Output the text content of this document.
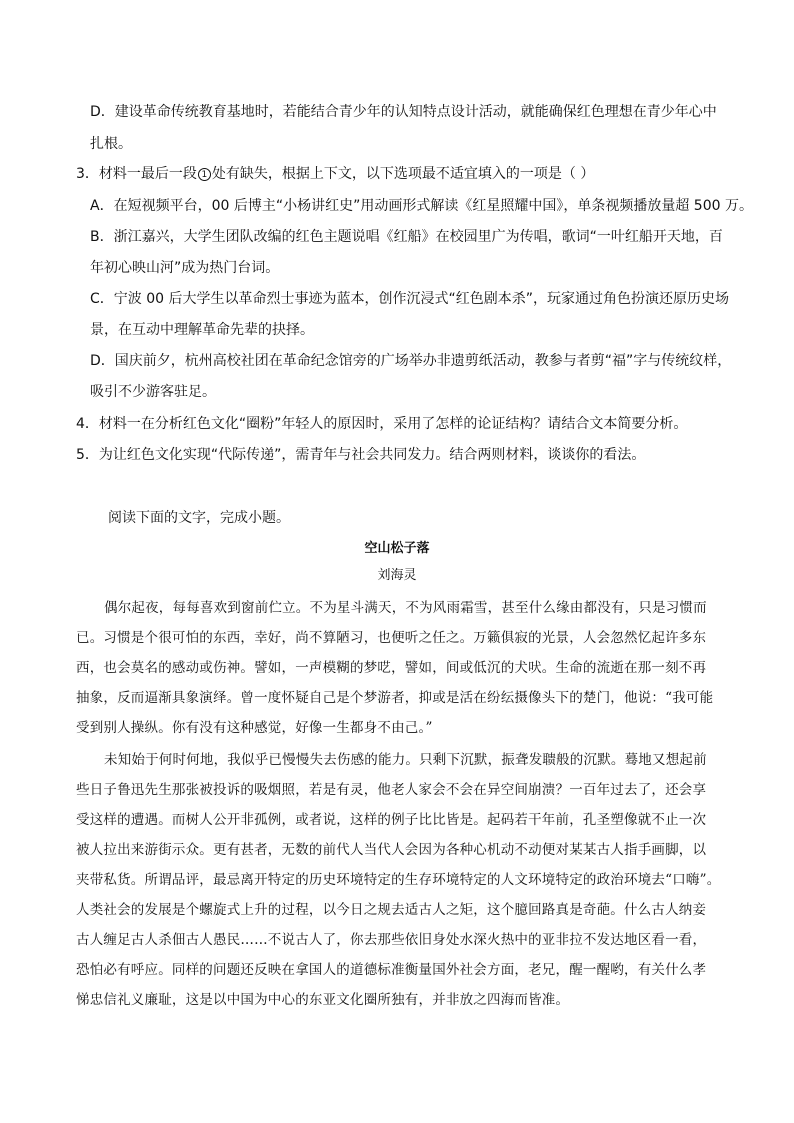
D．建设革命传统教育基地时，若能结合青少年的认知特点设计活动，就能确保红色理想在青少年心中
扎根。
3．材料一最后一段 1 处有缺失，根据上下文，以下选项最不适宜填入的一项是（ ）
A．在短视频平台，00 后博主“小杨讲红史”用动画形式解读《红星照耀中国》，单条视频播放量超 500 万。
B．浙江嘉兴，大学生团队改编的红色主题说唱《红船》在校园里广为传唱，歌词“一叶红船开天地，百
年初心映山河”成为热门台词。
C．宁波 00 后大学生以革命烈士事迹为蓝本，创作沉浸式“红色剧本杀”，玩家通过角色扮演还原历史场
景，在互动中理解革命先辈的抉择。
D．国庆前夕，杭州高校社团在革命纪念馆旁的广场举办非遗剪纸活动，教参与者剪“福”字与传统纹样，
吸引不少游客驻足。
4．材料一在分析红色文化“圈粉”年轻人的原因时，采用了怎样的论证结构？请结合文本简要分析。
5．为让红色文化实现“代际传递”，需青年与社会共同发力。结合两则材料，谈谈你的看法。
阅读下面的文字，完成小题。
空山松子落
刘海灵
偶尔起夜，每每喜欢到窗前伫立。不为星斗满天，不为风雨霜雪，甚至什么缘由都没有，只是习惯而
已。习惯是个很可怕的东西，幸好，尚不算陋习，也便听之任之。万籁俱寂的光景，人会忽然忆起许多东
西，也会莫名的感动或伤神。譬如，一声模糊的梦呓，譬如，间或低沉的犬吠。生命的流逝在那一刻不再
抽象，反而逼渐具象演绎。曾一度怀疑自己是个梦游者，抑或是活在纷纭摄像头下的楚门，他说：“我可能
受到别人操纵。你有没有这种感觉，好像一生都身不由己。”
未知始于何时何地，我似乎已慢慢失去伤感的能力。只剩下沉默，振聋发聩般的沉默。蓦地又想起前
些日子鲁迅先生那张被投诉的吸烟照，若是有灵，他老人家会不会在异空间崩溃？一百年过去了，还会享
受这样的遭遇。而树人公开非孤例，或者说，这样的例子比比皆是。起码若干年前，孔圣塑像就不止一次
被人拉出来游街示众。更有甚者，无数的前代人当代人会因为各种心机动不动便对某某古人指手画脚，以
夹带私货。所谓品评，最忌离开特定的历史环境特定的生存环境特定的人文环境特定的政治环境去“口嗨”。
人类社会的发展是个螺旋式上升的过程，以今日之规去适古人之矩，这个臆回路真是奇葩。什么古人纳妾
古人缠足古人杀佃古人愚民……不说古人了，你去那些依旧身处水深火热中的亚非拉不发达地区看一看，
恐怕必有呼应。同样的问题还反映在拿国人的道德标准衡量国外社会方面，老兄，醒一醒哟，有关什么孝
悌忠信礼义廉耻，这是以中国为中心的东亚文化圈所独有，并非放之四海而皆准。
